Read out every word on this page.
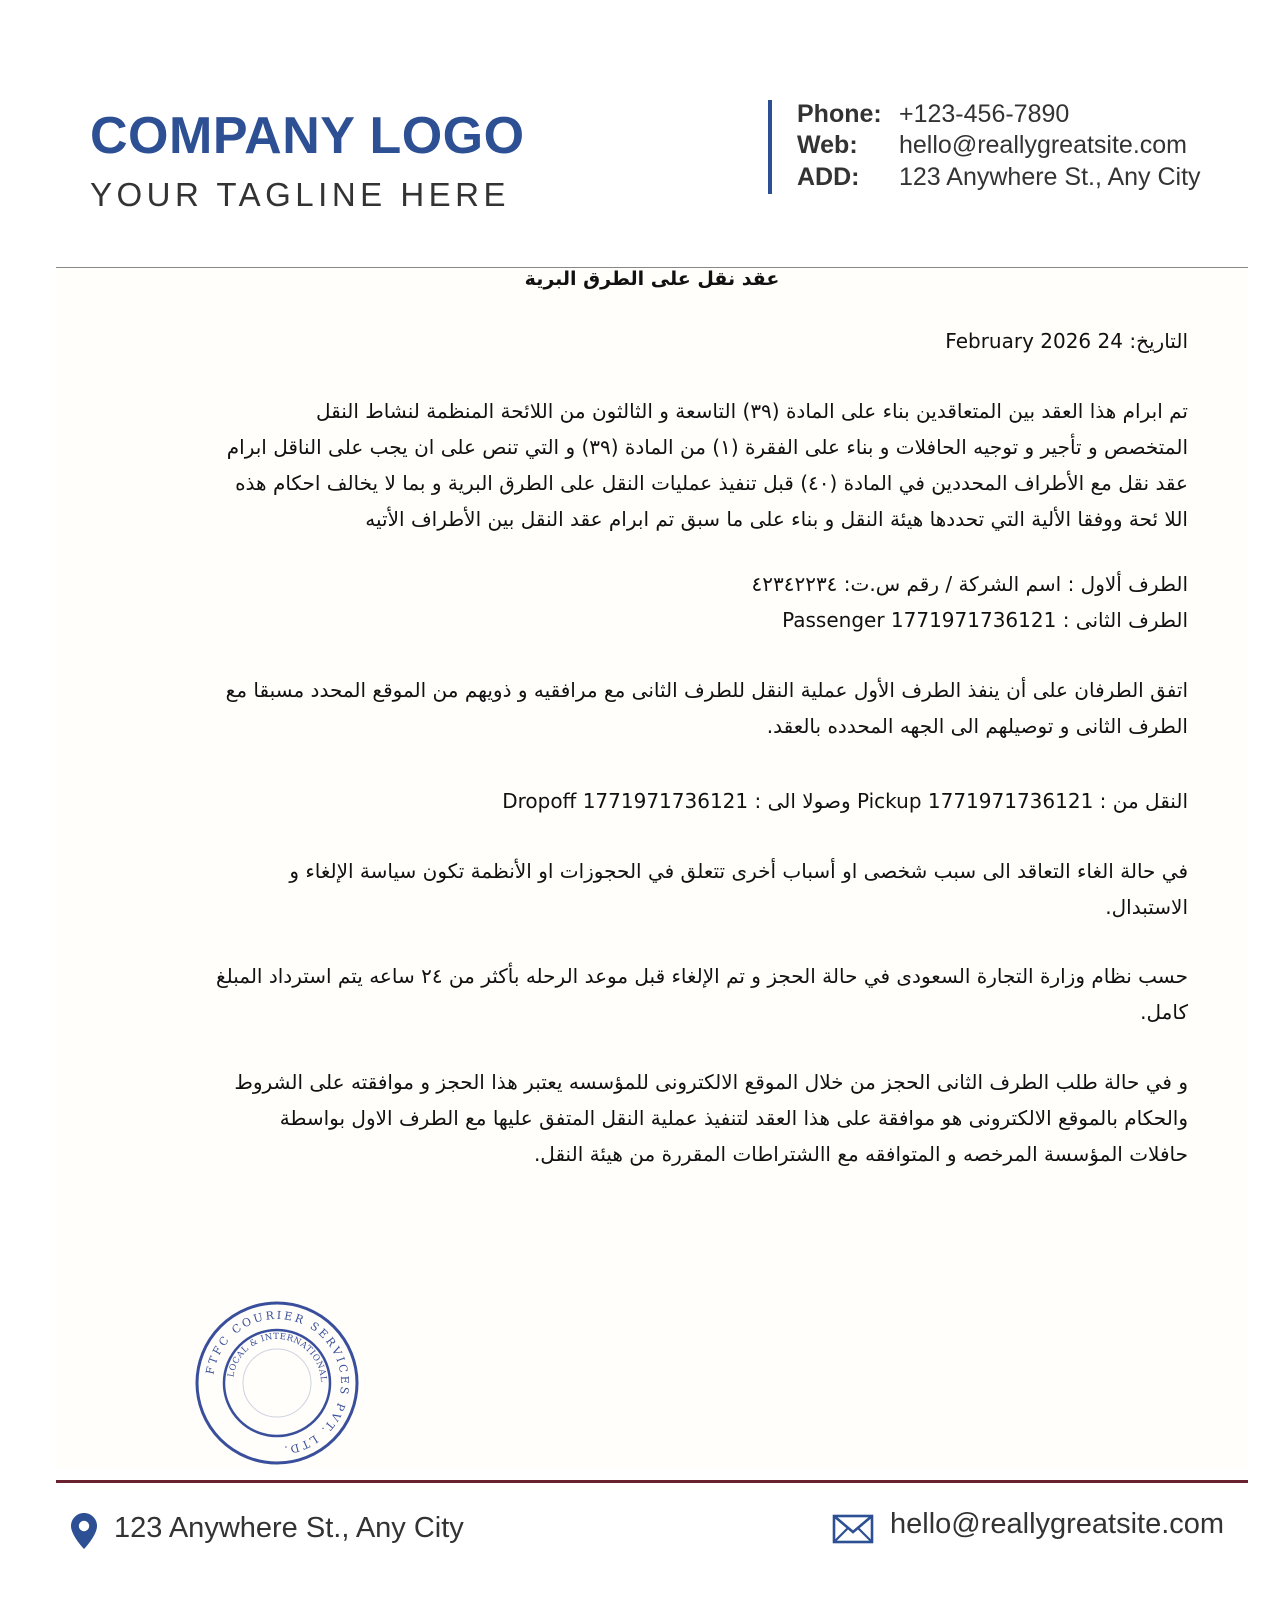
COMPANY LOGO
YOUR TAGLINE HERE
Phone: +123-456-7890
Web: hello@reallygreatsite.com
ADD: 123 Anywhere St., Any City
عقد نقل على الطرق البرية
التاريخ: 24 February 2026
تم ابرام هذا العقد بين المتعاقدين بناء على المادة (٣٩) التاسعة و الثالثون من اللائحة المنظمة لنشاط النقل
المتخصص و تأجير و توجيه الحافلات و بناء على الفقرة (١) من المادة (٣٩) و التي تنص على ان يجب على الناقل ابرام
عقد نقل مع الأطراف المحددين في المادة (٤٠) قبل تنفيذ عمليات النقل على الطرق البرية و بما لا يخالف احكام هذه
اللا ئحة ووفقا الألية التي تحددها هيئة النقل و بناء على ما سبق تم ابرام عقد النقل بين الأطراف الأتيه
الطرف ألاول : اسم الشركة / رقم س.ت: ٤٢٣٤٢٢٣٤
الطرف الثانى : Passenger 1771971736121
اتفق الطرفان على أن ينفذ الطرف الأول عملية النقل للطرف الثانى مع مرافقيه و ذويهم من الموقع المحدد مسبقا مع
الطرف الثانى و توصيلهم الى الجهه المحدده بالعقد.
النقل من : Pickup 1771971736121 وصولا الى : Dropoff 1771971736121
في حالة الغاء التعاقد الى سبب شخصى او أسباب أخرى تتعلق في الحجوزات او الأنظمة تكون سياسة الإلغاء و
الاستبدال.
حسب نظام وزارة التجارة السعودى في حالة الحجز و تم الإلغاء قبل موعد الرحله بأكثر من ٢٤ ساعه يتم استرداد المبلغ
كامل.
و في حالة طلب الطرف الثانى الحجز من خلال الموقع الالكترونى للمؤسسه يعتبر هذا الحجز و موافقته على الشروط
والحكام بالموقع الالكترونى هو موافقة على هذا العقد لتنفيذ عملية النقل المتفق عليها مع الطرف الاول بواسطة
حافلات المؤسسة المرخصه و المتوافقه مع االشتراطات المقررة من هيئة النقل.
FTFC COURIER SERVICES PVT. LTD.
LOCAL & INTERNATIONAL
123 Anywhere St., Any City	hello@reallygreatsite.com
